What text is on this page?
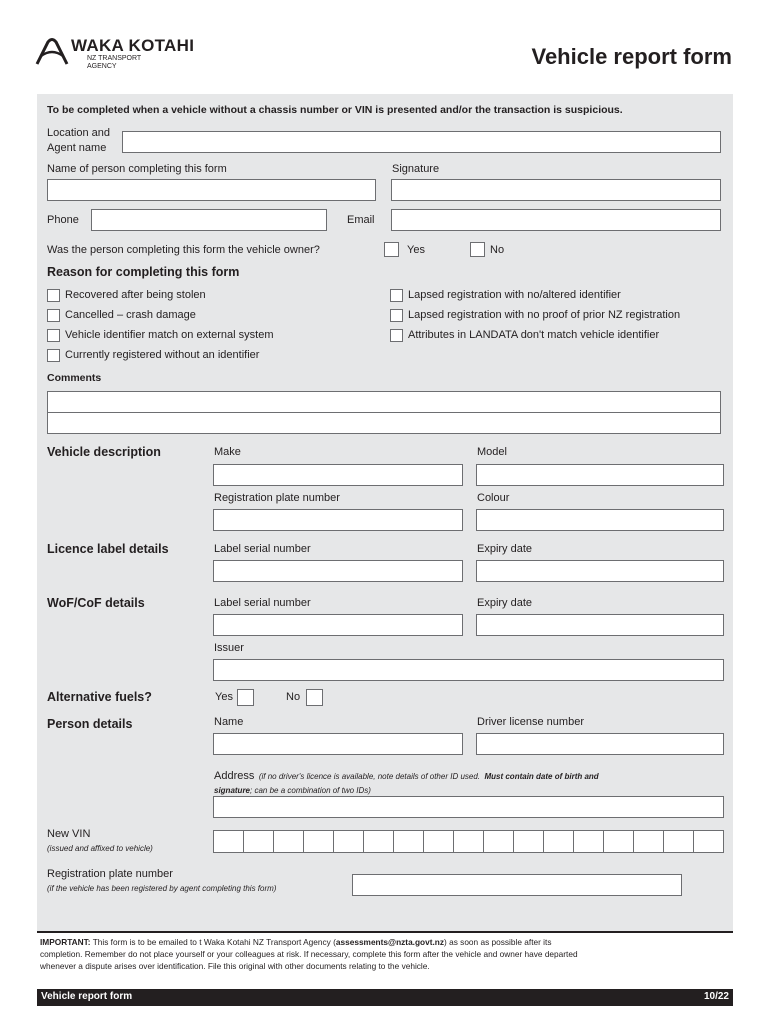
WAKA KOTAHI
NZ TRANSPORT
AGENCY	Vehicle report form
To be completed when a vehicle without a chassis number or VIN is presented and/or the transaction is suspicious.
Location and
Agent name
Name of person completing this form	Signature
Phone	Email
Was the person completing this form the vehicle owner?	Yes	No
Reason for completing this form
Recovered after being stolen
Cancelled – crash damage
Vehicle identifier match on external system
Currently registered without an identifier
Lapsed registration with no/altered identifier
Lapsed registration with no proof of prior NZ registration
Attributes in LANDATA don't match vehicle identifier
Comments
Vehicle description	Make	Model
Registration plate number	Colour
Licence label details	Label serial number	Expiry date
WoF/CoF details	Label serial number	Expiry date
Issuer
Alternative fuels?	Yes	No
Person details	Name	Driver license number
Address (if no driver's licence is available, note details of other ID used. Must contain date of birth and
signature; can be a combination of two IDs)
New VIN
(issued and affixed to vehicle)
Registration plate number
(if the vehicle has been registered by agent completing this form)
IMPORTANT: This form is to be emailed to t Waka Kotahi NZ Transport Agency (assessments@nzta.govt.nz) as soon as possible after its
completion. Remember do not place yourself or your colleagues at risk. If necessary, complete this form after the vehicle and owner have departed
whenever a dispute arises over identification. File this original with other documents relating to the vehicle.
Vehicle report form	10/22
